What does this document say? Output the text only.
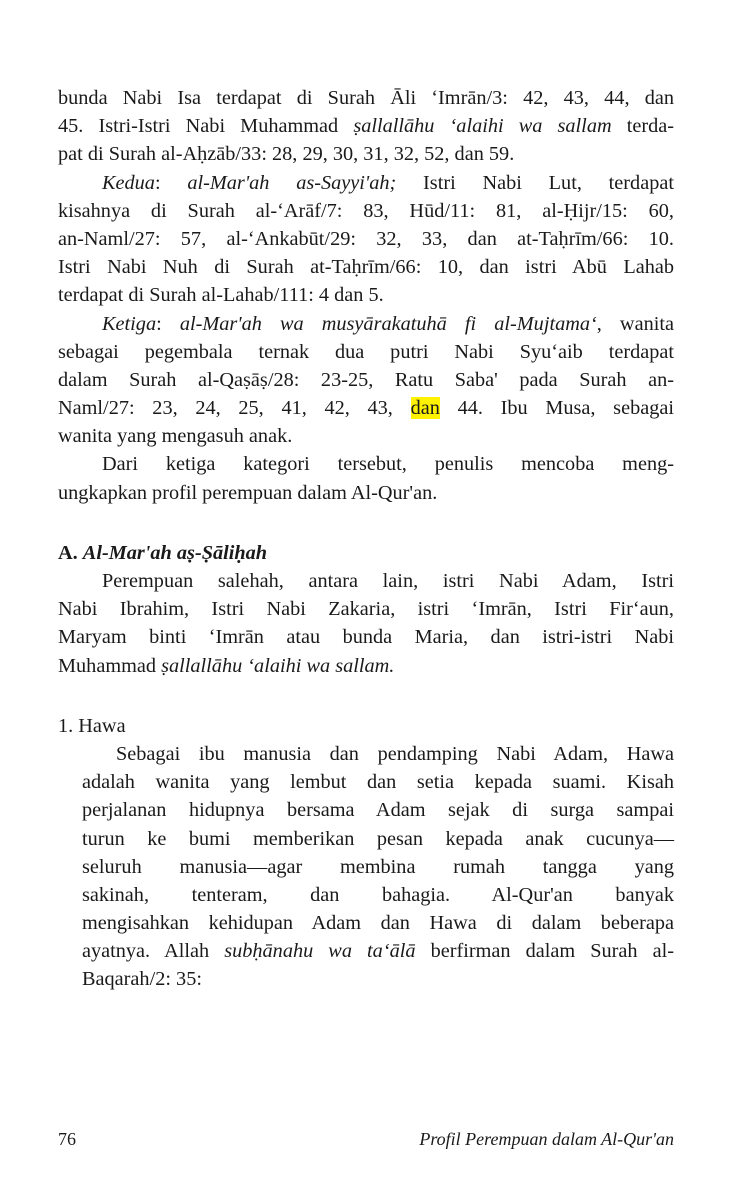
bunda Nabi Isa terdapat di Surah Āli ‘Imrān/3: 42, 43, 44, dan
45. Istri-Istri Nabi Muhammad ṣallallāhu ‘alaihi wa sallam terda-
pat di Surah al-Aḥzāb/33: 28, 29, 30, 31, 32, 52, dan 59.
Kedua: al-Mar'ah as-Sayyi'ah; Istri Nabi Lut, terdapat
kisahnya di Surah al-‘Arāf/7: 83, Hūd/11: 81, al-Ḥijr/15: 60,
an-Naml/27: 57, al-‘Ankabūt/29: 32, 33, dan at-Taḥrīm/66: 10.
Istri Nabi Nuh di Surah at-Taḥrīm/66: 10, dan istri Abū Lahab
terdapat di Surah al-Lahab/111: 4 dan 5.
Ketiga: al-Mar'ah wa musyārakatuhā fi al-Mujtama‘, wanita
sebagai pegembala ternak dua putri Nabi Syu‘aib terdapat
dalam Surah al-Qaṣāṣ/28: 23-25, Ratu Saba' pada Surah an-
Naml/27: 23, 24, 25, 41, 42, 43, dan 44. Ibu Musa, sebagai
wanita yang mengasuh anak.
Dari ketiga kategori tersebut, penulis mencoba meng-
ungkapkan profil perempuan dalam Al-Qur'an.
A. Al-Mar'ah aṣ-Ṣāliḥah
Perempuan salehah, antara lain, istri Nabi Adam, Istri
Nabi Ibrahim, Istri Nabi Zakaria, istri ‘Imrān, Istri Fir‘aun,
Maryam binti ‘Imrān atau bunda Maria, dan istri-istri Nabi
Muhammad ṣallallāhu ‘alaihi wa sallam.
1. Hawa
Sebagai ibu manusia dan pendamping Nabi Adam, Hawa
adalah wanita yang lembut dan setia kepada suami. Kisah
perjalanan hidupnya bersama Adam sejak di surga sampai
turun ke bumi memberikan pesan kepada anak cucunya—
seluruh manusia—agar membina rumah tangga yang
sakinah, tenteram, dan bahagia. Al-Qur'an banyak
mengisahkan kehidupan Adam dan Hawa di dalam beberapa
ayatnya. Allah subḥānahu wa ta‘ālā berfirman dalam Surah al-
Baqarah/2: 35:
76	Profil Perempuan dalam Al-Qur'an
